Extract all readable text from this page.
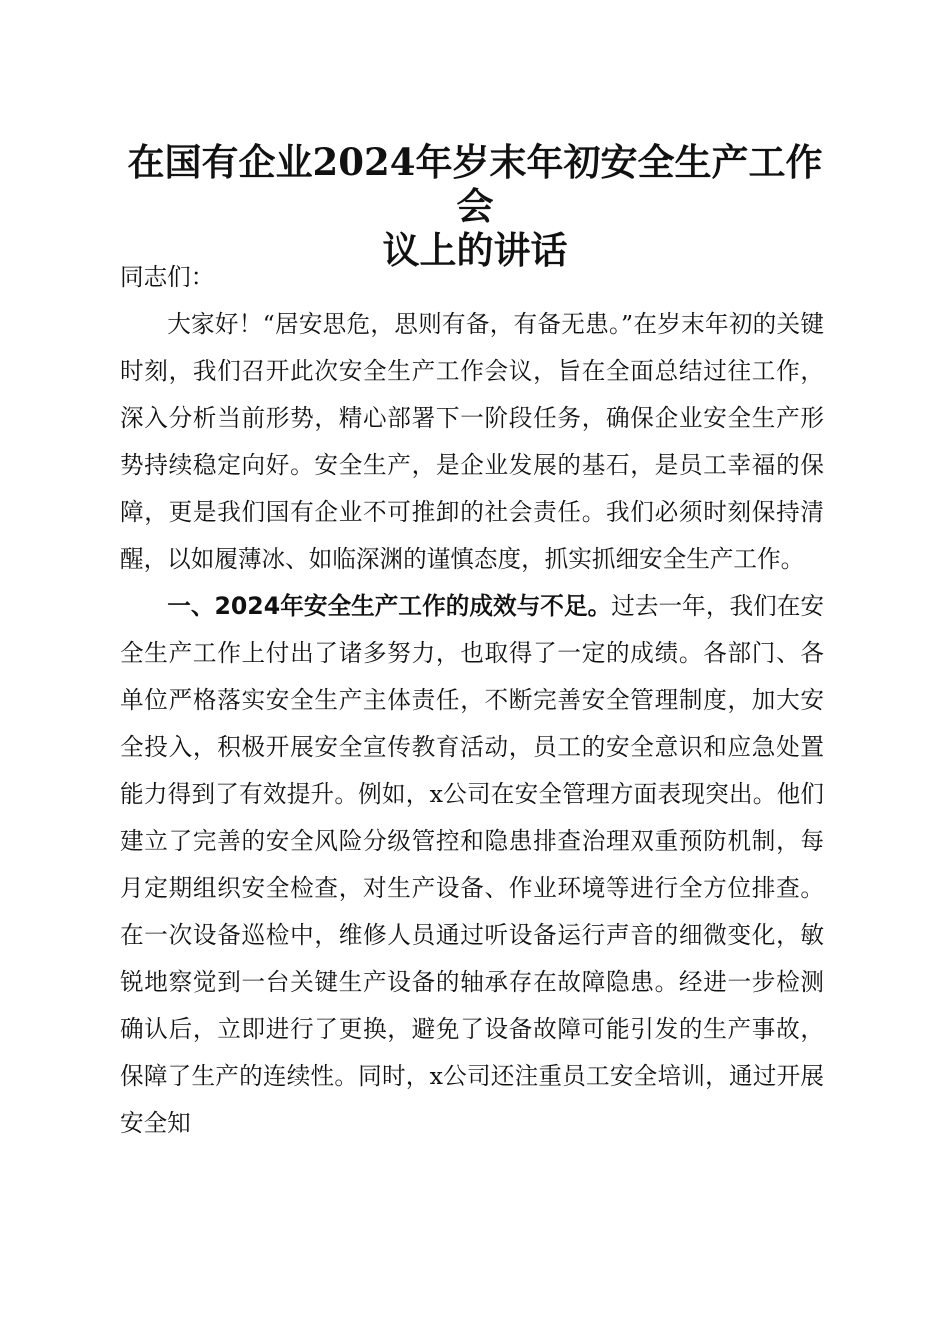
在国有企业2024年岁末年初安全生产工作会
议上的讲话

同志们：

大家好！“居安思危，思则有备，有备无患。”在岁末年初的关键时刻，我们召开此次安全生产工作会议，旨在全面总结过往工作，深入分析当前形势，精心部署下一阶段任务，确保企业安全生产形势持续稳定向好。安全生产，是企业发展的基石，是员工幸福的保障，更是我们国有企业不可推卸的社会责任。我们必须时刻保持清醒，以如履薄冰、如临深渊的谨慎态度，抓实抓细安全生产工作。

一、2024年安全生产工作的成效与不足。过去一年，我们在安全生产工作上付出了诸多努力，也取得了一定的成绩。各部门、各单位严格落实安全生产主体责任，不断完善安全管理制度，加大安全投入，积极开展安全宣传教育活动，员工的安全意识和应急处置能力得到了有效提升。例如，x公司在安全管理方面表现突出。他们建立了完善的安全风险分级管控和隐患排查治理双重预防机制，每月定期组织安全检查，对生产设备、作业环境等进行全方位排查。在一次设备巡检中，维修人员通过听设备运行声音的细微变化，敏锐地察觉到一台关键生产设备的轴承存在故障隐患。经进一步检测确认后，立即进行了更换，避免了设备故障可能引发的生产事故，保障了生产的连续性。同时，x公司还注重员工安全培训，通过开展安全知
